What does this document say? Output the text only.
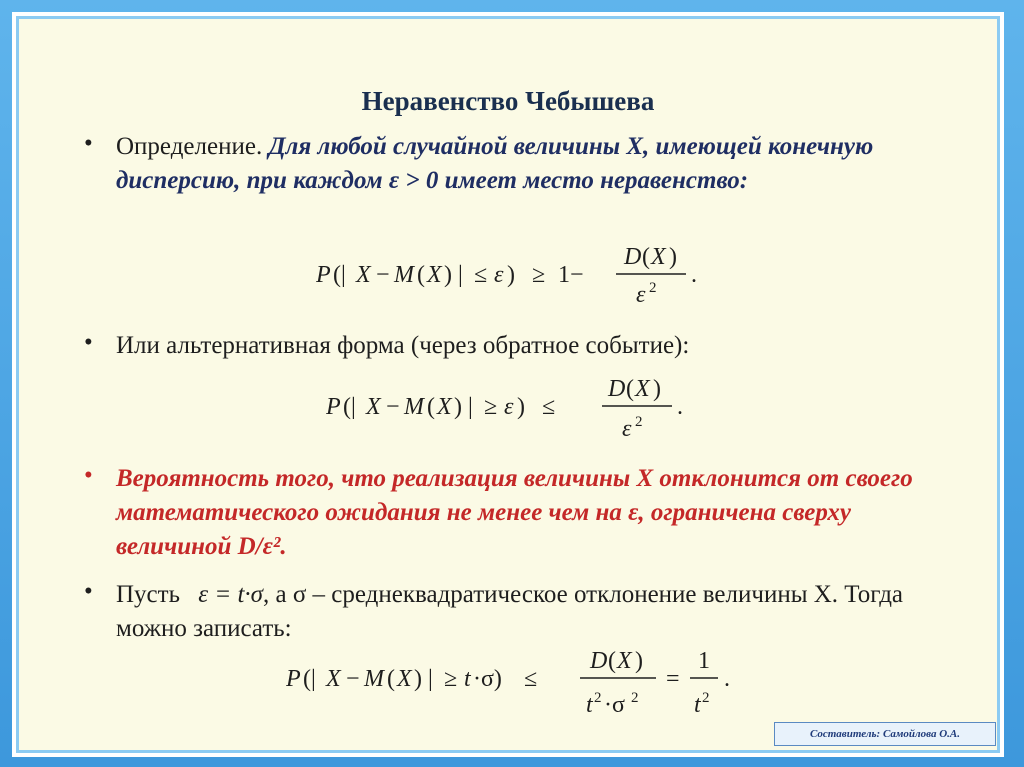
Неравенство Чебышева
• Определение. Для любой случайной величины X, имеющей конечную дисперсию, при каждом ε > 0 имеет место неравенство:
P (| X − M ( X ) | ≤ ε ) ≥ 1 −
D ( X )
ε 2 .
• Или альтернативная форма (через обратное событие):
P (| X − M ( X ) | ≥ ε ) ≤
D ( X )
ε 2
.
• Вероятность того, что реализация величины X отклонится от своего математического ожидания не менее чем на ε, ограничена сверху величиной D/ε².
• Пусть ε = t·σ, а σ – среднеквадратическое отклонение величины X. Тогда можно записать:
P (| X − M ( X ) | ≥ t ·σ) ≤
D ( X )
t 2 ·σ 2
=
1
t 2
.
Составитель: Самойлова О.А.
